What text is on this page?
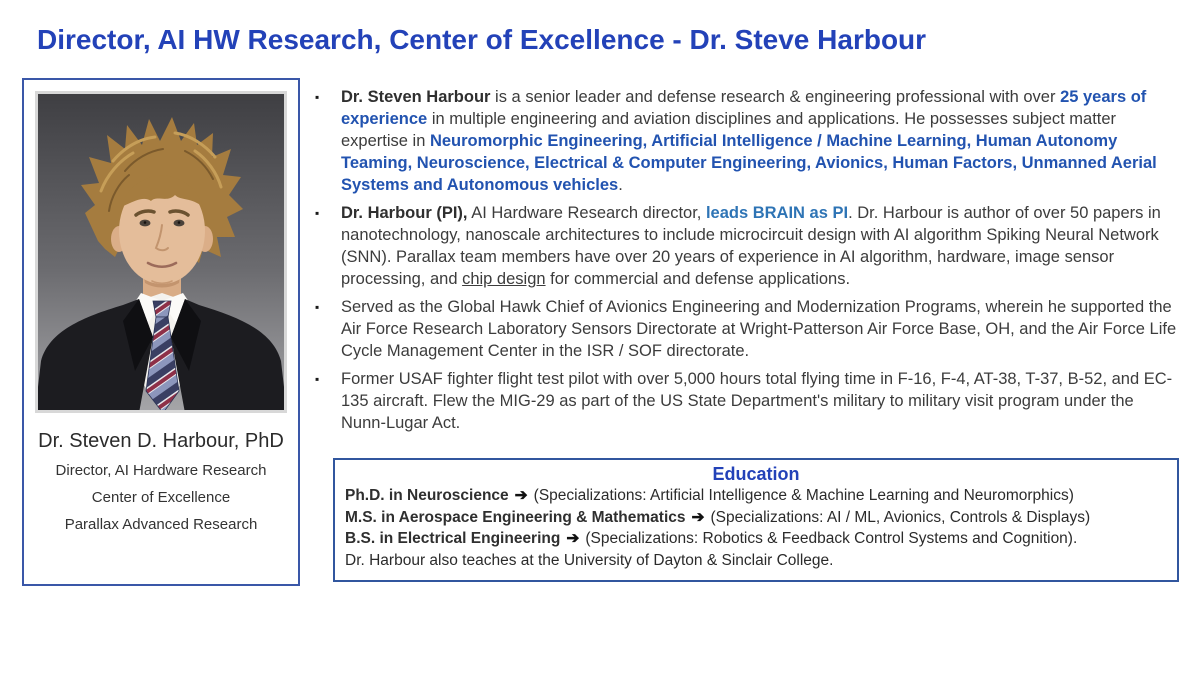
Director, AI HW Research, Center of Excellence - Dr. Steve Harbour
Dr. Steven D. Harbour, PhD
Director, AI Hardware Research
Center of Excellence
Parallax Advanced Research
▪	Dr. Steven Harbour is a senior leader and defense research & engineering professional with over 25 years of experience in multiple engineering and aviation disciplines and applications. He possesses subject matter expertise in Neuromorphic Engineering, Artificial Intelligence / Machine Learning, Human Autonomy Teaming, Neuroscience, Electrical & Computer Engineering, Avionics, Human Factors, Unmanned Aerial Systems and Autonomous vehicles.
▪	Dr. Harbour (PI), AI Hardware Research director, leads BRAIN as PI. Dr. Harbour is author of over 50 papers in nanotechnology, nanoscale architectures to include microcircuit design with AI algorithm Spiking Neural Network (SNN). Parallax team members have over 20 years of experience in AI algorithm, hardware, image sensor processing, and chip design for commercial and defense applications.
▪	Served as the Global Hawk Chief of Avionics Engineering and Modernization Programs, wherein he supported the Air Force Research Laboratory Sensors Directorate at Wright-Patterson Air Force Base, OH, and the Air Force Life Cycle Management Center in the ISR / SOF directorate.
▪	Former USAF fighter flight test pilot with over 5,000 hours total flying time in F-16, F-4, AT-38, T-37, B-52, and EC-135 aircraft. Flew the MIG-29 as part of the US State Department's military to military visit program under the Nunn-Lugar Act.
Education
Ph.D. in Neuroscience ➔ (Specializations: Artificial Intelligence & Machine Learning and Neuromorphics)
M.S. in Aerospace Engineering & Mathematics ➔ (Specializations: AI / ML, Avionics, Controls & Displays)
B.S. in Electrical Engineering ➔ (Specializations: Robotics & Feedback Control Systems and Cognition).
Dr. Harbour also teaches at the University of Dayton & Sinclair College.
